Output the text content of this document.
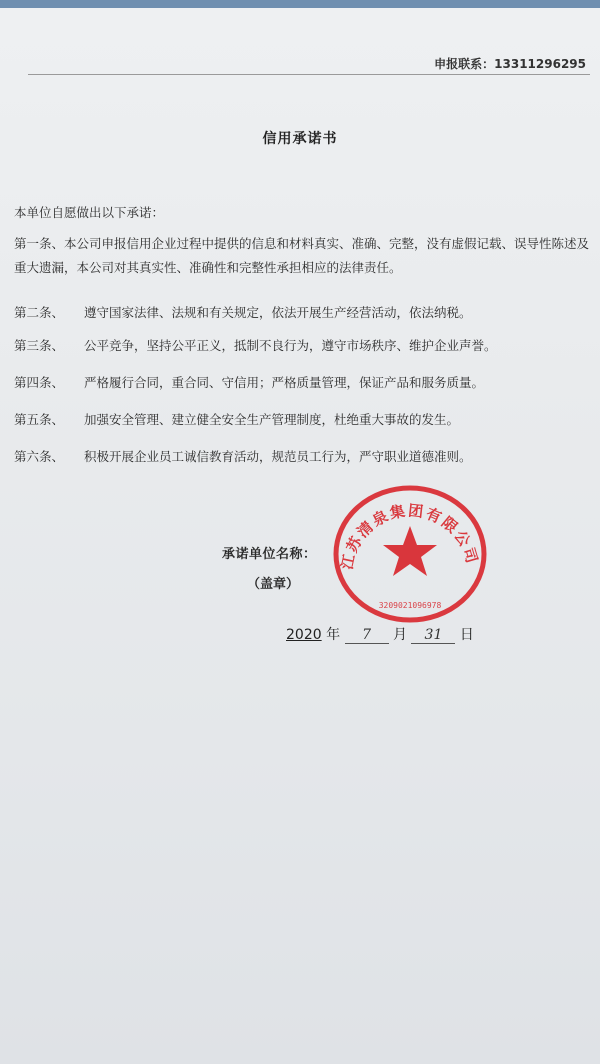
申报联系：13311296295
信用承诺书
本单位自愿做出以下承诺：
第一条、本公司申报信用企业过程中提供的信息和材料真实、准确、完整，没有虚假记载、误导性陈述及重大遗漏，本公司对其真实性、准确性和完整性承担相应的法律责任。
第二条、 遵守国家法律、法规和有关规定，依法开展生产经营活动，依法纳税。
第三条、 公平竞争，坚持公平正义，抵制不良行为，遵守市场秩序、维护企业声誉。
第四条、 严格履行合同，重合同、守信用；严格质量管理，保证产品和服务质量。
第五条、 加强安全管理、建立健全安全生产管理制度，杜绝重大事故的发生。
第六条、 积极开展企业员工诚信教育活动，规范员工行为，严守职业道德准则。
承诺单位名称：
（盖章）
江苏清泉集团有限公司
3209021096978
2020 年 7 月 31 日
